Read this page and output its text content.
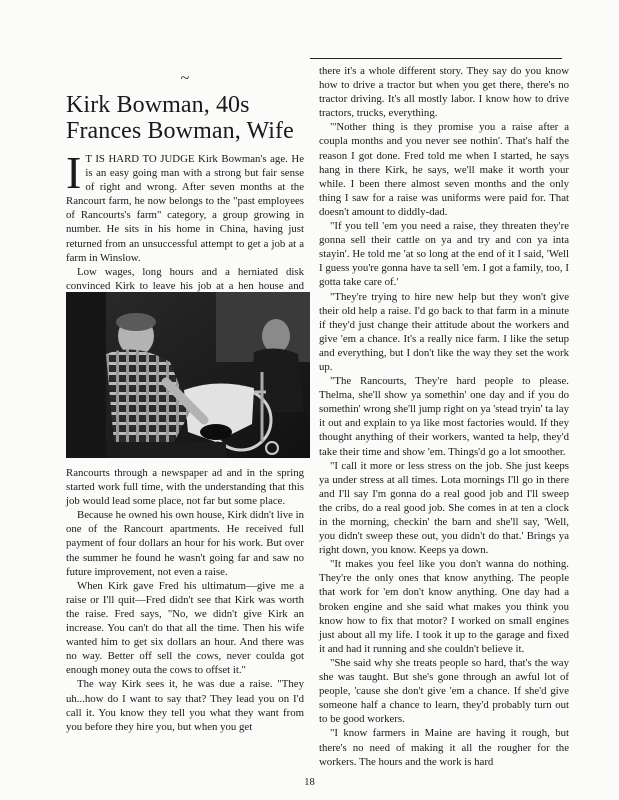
~
Kirk Bowman, 40s
Frances Bowman, Wife

I T IS HARD TO JUDGE Kirk Bowman's age. He is an easy going man with a strong but fair sense of right and wrong. After seven months at the Rancourt farm, he now belongs to the "past employees of Rancourts's farm" category, a group growing in number. He sits in his home in China, having just returned from an unsuccessful attempt to get a job at a farm in Winslow.

Low wages, long hours and a herniated disk convinced Kirk to leave his job at a hen house and

Rancourts through a newspaper ad and in the spring started work full time, with the understanding that this job would lead some place, not far but some place.

Because he owned his own house, Kirk didn't live in one of the Rancourt apartments. He received full payment of four dollars an hour for his work. But over the summer he found he wasn't going far and saw no future improvement, not even a raise.

When Kirk gave Fred his ultimatum—give me a raise or I'll quit—Fred didn't see that Kirk was worth the raise. Fred says, "No, we didn't give Kirk an increase. You can't do that all the time. Then his wife wanted him to get six dollars an hour. And there was no way. Better off sell the cows, never coulda got enough money outa the cows to offset it."

The way Kirk sees it, he was due a raise. "They uh...how do I want to say that? They lead you on I'd call it. You know they tell you what they want from you before they hire you, but when you get

there it's a whole different story. They say do you know how to drive a tractor but when you get there, there's no tractor driving. It's all mostly labor. I know how to drive tractors, trucks, everything.

"'Nother thing is they promise you a raise after a coupla months and you never see nothin'. That's half the reason I got done. Fred told me when I started, he says hang in there Kirk, he says, we'll make it worth your while. I been there almost seven months and the only thing I saw for a raise was uniforms were paid for. That doesn't amount to diddly-dad.

"If you tell 'em you need a raise, they threaten they're gonna sell their cattle on ya and try and con ya inta stayin'. He told me 'at so long at the end of it I said, 'Well I guess you're gonna have ta sell 'em. I got a family, too, I gotta take care of.'

"They're trying to hire new help but they won't give their old help a raise. I'd go back to that farm in a minute if they'd just change their attitude about the workers and give 'em a chance. It's a really nice farm. I like the setup and everything, but I don't like the way they set the work up.

"The Rancourts, They're hard people to please. Thelma, she'll show ya somethin' one day and if you do somethin' wrong she'll jump right on ya 'stead tryin' ta lay it out and explain to ya like most factories would. If they thought anything of their workers, wanted ta help, they'd take their time and show 'em. Things'd go a lot smoother.

"I call it more or less stress on the job. She just keeps ya under stress at all times. Lota mornings I'll go in there and I'll say I'm gonna do a real good job and I'll sweep the cribs, do a real good job. She comes in at ten a clock in the morning, checkin' the barn and she'll say, 'Well, you didn't sweep these out, you didn't do that.' Brings ya right down, you know. Keeps ya down.

"It makes you feel like you don't wanna do nothing. They're the only ones that know anything. The people that work for 'em don't know anything. One day had a broken engine and she said what makes you think you know how to fix that motor? I worked on small engines just about all my life. I took it up to the garage and fixed it and had it running and she couldn't believe it.

"She said why she treats people so hard, that's the way she was taught. But she's gone through an awful lot of people, 'cause she don't give 'em a chance. If she'd give someone half a chance to learn, they'd probably turn out to be good workers.

"I know farmers in Maine are having it rough, but there's no need of making it all the rougher for the workers. The hours and the work is hard

18
